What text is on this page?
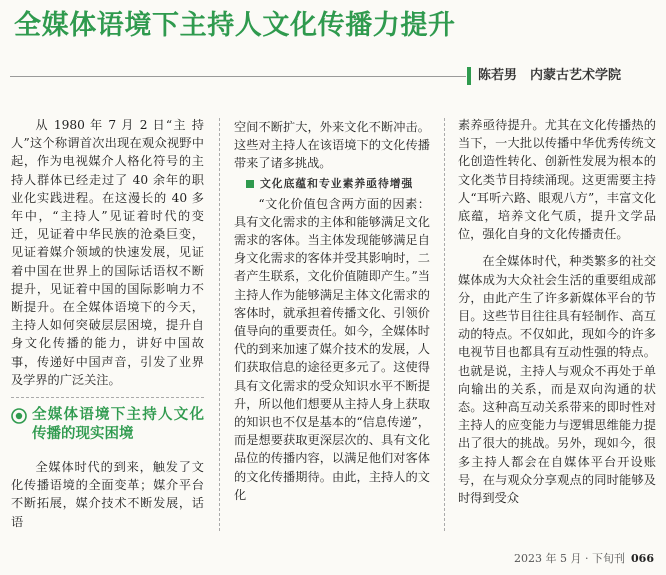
全媒体语境下主持人文化传播力提升
陈若男　内蒙古艺术学院

从 1980 年 7 月 2 日“主 持 人”这个称谓首次出现在观众视野中起，作为电视媒介人格化符号的主持人群体已经走过了 40 余年的职业化实践进程。在这漫长的 40 多年中，“主持人”见证着时代的变迁，见证着中华民族的沧桑巨变，见证着媒介领域的快速发展，见证着中国在世界上的国际话语权不断提升，见证着中国的国际影响力不断提升。在全媒体语境下的今天，主持人如何突破层层困境，提升自身文化传播的能力，讲好中国故事，传递好中国声音，引发了业界及学界的广泛关注。

全媒体语境下主持人文化传播的现实困境

全媒体时代的到来，触发了文化传播语境的全面变革；媒介平台不断拓展，媒介技术不断发展，话语

空间不断扩大，外来文化不断冲击。这些对主持人在该语境下的文化传播带来了诸多挑战。

文化底蕴和专业素养亟待增强

“文化价值包含两方面的因素：具有文化需求的主体和能够满足文化需求的客体。当主体发现能够满足自身文化需求的客体并受其影响时，二者产生联系，文化价值随即产生。”当主持人作为能够满足主体文化需求的客体时，就承担着传播文化、引领价值导向的重要责任。如今，全媒体时代的到来加速了媒介技术的发展，人们获取信息的途径更多元了。这使得具有文化需求的受众知识水平不断提升，所以他们想要从主持人身上获取的知识也不仅是基本的“信息传递”，而是想要获取更深层次的、具有文化品位的传播内容，以满足他们对客体的文化传播期待。由此，主持人的文化

素养亟待提升。尤其在文化传播热的当下，一大批以传播中华优秀传统文化创造性转化、创新性发展为根本的文化类节目持续涌现。这更需要主持人“耳听六路、眼观八方”，丰富文化底蕴，培养文化气质，提升文学品位，强化自身的文化传播责任。

在全媒体时代，种类繁多的社交媒体成为大众社会生活的重要组成部分，由此产生了许多新媒体平台的节目。这些节目往往具有轻制作、高互动的特点。不仅如此，现如今的许多电视节目也都具有互动性强的特点。也就是说，主持人与观众不再处于单向输出的关系，而是双向沟通的状态。这种高互动关系带来的即时性对主持人的应变能力与逻辑思维能力提出了很大的挑战。另外，现如今，很多主持人都会在自媒体平台开设账号，在与观众分享观点的同时能够及时得到受众

2023 年 5 月 · 下旬刊 066
